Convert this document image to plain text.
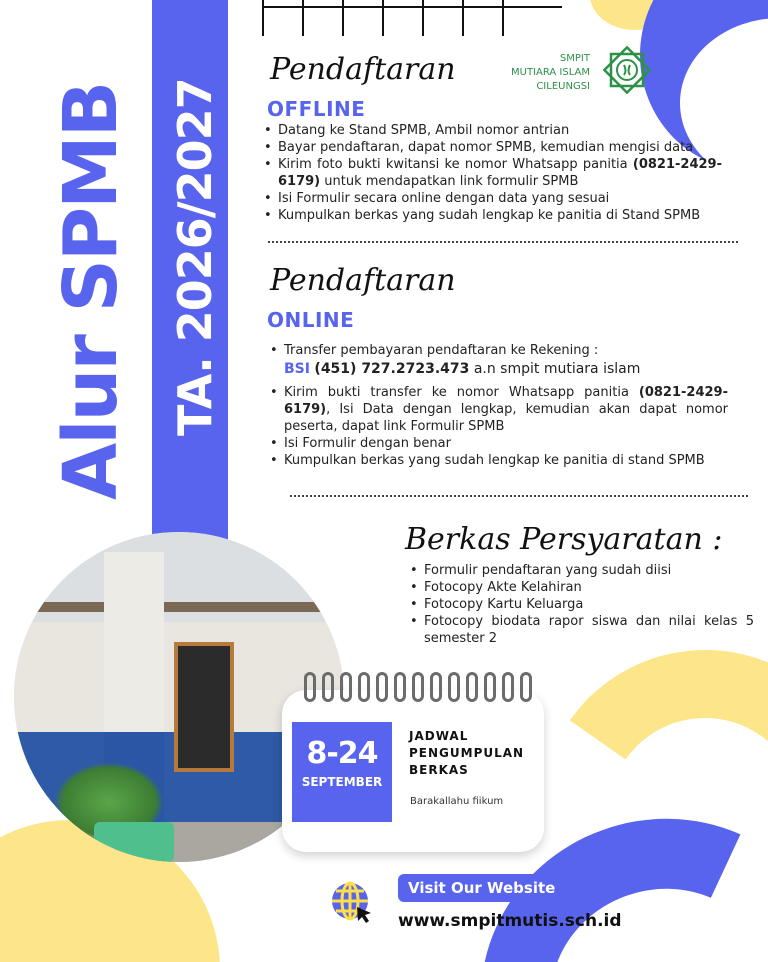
Alur SPMB TA. 2026/2027
SMPIT
MUTIARA ISLAM
CILEUNGSI
Pendaftaran
OFFLINE
• Datang ke Stand SPMB, Ambil nomor antrian
• Bayar pendaftaran, dapat nomor SPMB, kemudian mengisi data
• Kirim foto bukti kwitansi ke nomor Whatsapp panitia (0821-2429-6179) untuk mendapatkan link formulir SPMB
• Isi Formulir secara online dengan data yang sesuai
• Kumpulkan berkas yang sudah lengkap ke panitia di Stand SPMB
Pendaftaran
ONLINE
• Transfer pembayaran pendaftaran ke Rekening :
BSI (451) 727.2723.473 a.n smpit mutiara islam
• Kirim bukti transfer ke nomor Whatsapp panitia (0821-2429-6179), Isi Data dengan lengkap, kemudian akan dapat nomor peserta, dapat link Formulir SPMB
• Isi Formulir dengan benar
• Kumpulkan berkas yang sudah lengkap ke panitia di stand SPMB
Berkas Persyaratan :
• Formulir pendaftaran yang sudah diisi
• Fotocopy Akte Kelahiran
• Fotocopy Kartu Keluarga
• Fotocopy biodata rapor siswa dan nilai kelas 5 semester 2
8-24
SEPTEMBER
JADWAL PENGUMPULAN BERKAS
Barakallahu fiikum
Visit Our Website
www.smpitmutis.sch.id
